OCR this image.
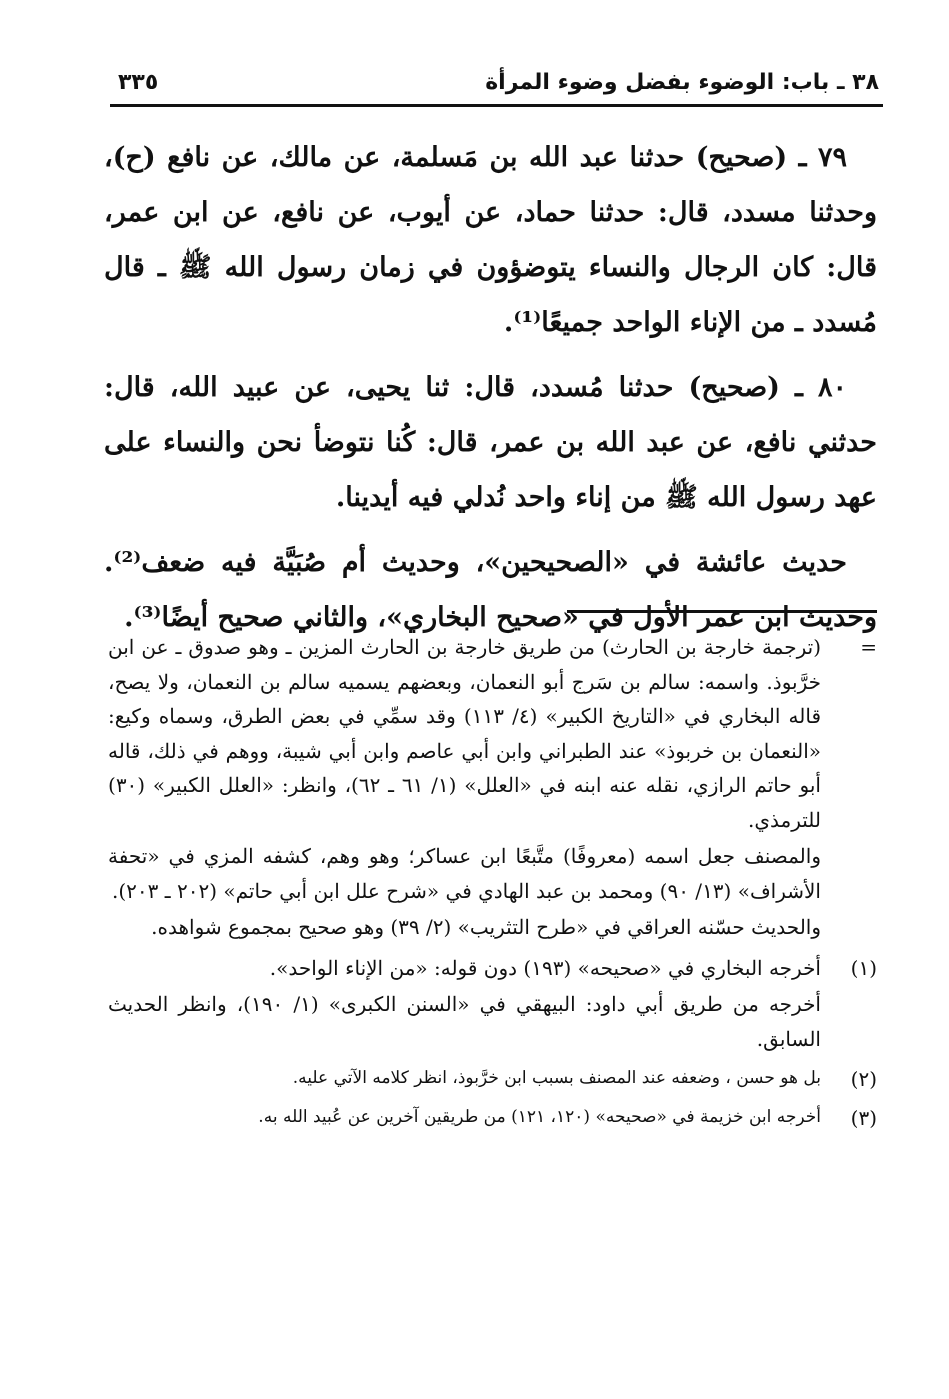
٣٨ ـ باب: الوضوء بفضل وضوء المرأة
٣٣٥

٧٩ ـ (صحيح) حدثنا عبد الله بن مَسلمة، عن مالك، عن نافع (ح)، وحدثنا مسدد، قال: حدثنا حماد، عن أيوب، عن نافع، عن ابن عمر، قال: كان الرجال والنساء يتوضؤون في زمان رسول الله ﷺ ـ قال مُسدد ـ من الإناء الواحد جميعًا⁽¹⁾.

٨٠ ـ (صحيح) حدثنا مُسدد، قال: ثنا يحيى، عن عبيد الله، قال: حدثني نافع، عن عبد الله بن عمر، قال: كُنا نتوضأ نحن والنساء على عهد رسول الله ﷺ من إناء واحد نُدلي فيه أيدينا.

حديث عائشة في «الصحيحين»، وحديث أم صُبَيَّة فيه ضعف⁽²⁾. وحديث ابن عمر الأول في «صحيح البخاري»، والثاني صحيح أيضًا⁽³⁾.

=

(ترجمة خارجة بن الحارث) من طريق خارجة بن الحارث المزين ـ وهو صدوق ـ عن ابن خرَّبوذ. واسمه: سالم بن سَرج أبو النعمان، وبعضهم يسميه سالم بن النعمان، ولا يصح، قاله البخاري في «التاريخ الكبير» (٤/ ١١٣) وقد سمِّي في بعض الطرق، وسماه وكيع: «النعمان بن خربوذ» عند الطبراني وابن أبي عاصم وابن أبي شيبة، ووهم في ذلك، قاله أبو حاتم الرازي، نقله عنه ابنه في «العلل» (١/ ٦١ ـ ٦٢)، وانظر: «العلل الكبير» (٣٠) للترمذي.

والمصنف جعل اسمه (معروفًا) متَّبعًا ابن عساكر؛ وهو وهم، كشفه المزي في «تحفة الأشراف» (١٣/ ٩٠) ومحمد بن عبد الهادي في «شرح علل ابن أبي حاتم» (٢٠٢ ـ ٢٠٣).

والحديث حسّنه العراقي في «طرح التثريب» (٢/ ٣٩) وهو صحيح بمجموع شواهده.

(١)

أخرجه البخاري في «صحيحه» (١٩٣) دون قوله: «من الإناء الواحد».

أخرجه من طريق أبي داود: البيهقي في «السنن الكبرى» (١/ ١٩٠)، وانظر الحديث السابق.

(٢)

بل هو حسن ، وضعفه عند المصنف بسبب ابن خرَّبوذ، انظر كلامه الآتي عليه.

(٣)

أخرجه ابن خزيمة في «صحيحه» (١٢٠، ١٢١) من طريقين آخرين عن عُبيد الله به.
